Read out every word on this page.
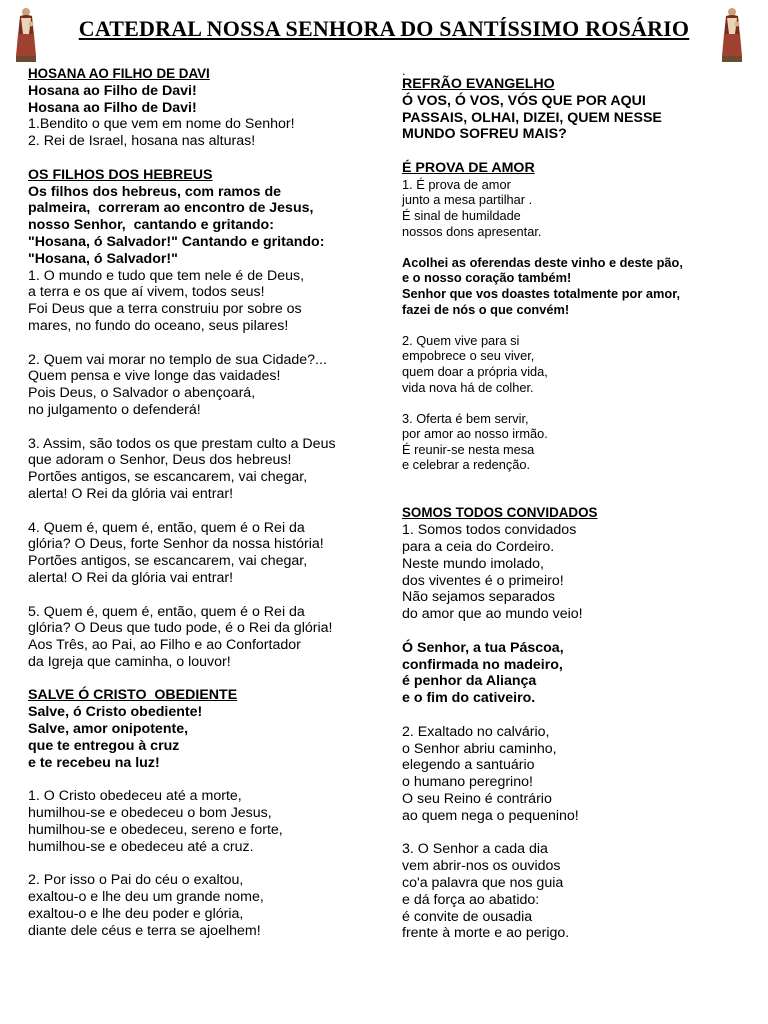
CATEDRAL NOSSA SENHORA DO SANTÍSSIMO ROSÁRIO
HOSANA AO FILHO DE DAVI
Hosana ao Filho de Davi!
Hosana ao Filho de Davi!
1.Bendito o que vem em nome do Senhor!
2. Rei de Israel, hosana nas alturas!
OS FILHOS DOS HEBREUS
Os filhos dos hebreus, com ramos de
palmeira,  correram ao encontro de Jesus,
nosso Senhor,  cantando e gritando:
"Hosana, ó Salvador!" Cantando e gritando:
"Hosana, ó Salvador!"
1. O mundo e tudo que tem nele é de Deus,
a terra e os que aí vivem, todos seus!
Foi Deus que a terra construiu por sobre os
mares, no fundo do oceano, seus pilares!
2. Quem vai morar no templo de sua Cidade?...
Quem pensa e vive longe das vaidades!
Pois Deus, o Salvador o abençoará,
no julgamento o defenderá!
3. Assim, são todos os que prestam culto a Deus
que adoram o Senhor, Deus dos hebreus!
Portões antigos, se escancarem, vai chegar,
alerta! O Rei da glória vai entrar!
4. Quem é, quem é, então, quem é o Rei da
glória? O Deus, forte Senhor da nossa história!
Portões antigos, se escancarem, vai chegar,
alerta! O Rei da glória vai entrar!
5. Quem é, quem é, então, quem é o Rei da
glória? O Deus que tudo pode, é o Rei da glória!
Aos Três, ao Pai, ao Filho e ao Confortador
da Igreja que caminha, o louvor!
SALVE Ó CRISTO  OBEDIENTE
Salve, ó Cristo obediente!
Salve, amor onipotente,
que te entregou à cruz
e te recebeu na luz!
1. O Cristo obedeceu até a morte,
humilhou-se e obedeceu o bom Jesus,
humilhou-se e obedeceu, sereno e forte,
humilhou-se e obedeceu até a cruz.
2. Por isso o Pai do céu o exaltou,
exaltou-o e lhe deu um grande nome,
exaltou-o e lhe deu poder e glória,
diante dele céus e terra se ajoelhem!
.
REFRÃO EVANGELHO
Ó VOS, Ó VOS, VÓS QUE POR AQUI
PASSAIS, OLHAI, DIZEI, QUEM NESSE
MUNDO SOFREU MAIS?
É PROVA DE AMOR
1. É prova de amor
junto a mesa partilhar .
É sinal de humildade
nossos dons apresentar.
Acolhei as oferendas deste vinho e deste pão,
e o nosso coração também!
Senhor que vos doastes totalmente por amor,
fazei de nós o que convém!
2. Quem vive para si
empobrece o seu viver,
quem doar a própria vida,
vida nova há de colher.
3. Oferta é bem servir,
por amor ao nosso irmão.
É reunir-se nesta mesa
e celebrar a redenção.
SOMOS TODOS CONVIDADOS
1. Somos todos convidados
para a ceia do Cordeiro.
Neste mundo imolado,
dos viventes é o primeiro!
Não sejamos separados
do amor que ao mundo veio!
Ó Senhor, a tua Páscoa,
confirmada no madeiro,
é penhor da Aliança
e o fim do cativeiro.
2. Exaltado no calvário,
o Senhor abriu caminho,
elegendo a santuário
o humano peregrino!
O seu Reino é contrário
ao quem nega o pequenino!
3. O Senhor a cada dia
vem abrir-nos os ouvidos
co'a palavra que nos guia
e dá força ao abatido:
é convite de ousadia
frente à morte e ao perigo.
